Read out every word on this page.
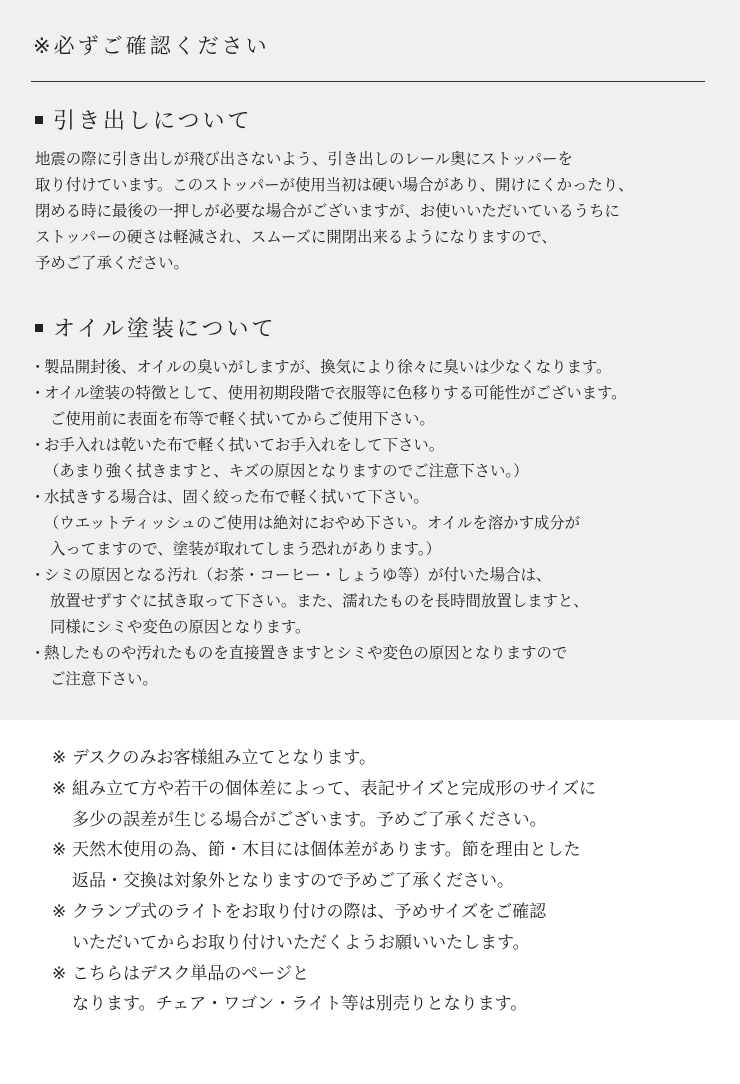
※必ずご確認ください
引き出しについて
地震の際に引き出しが飛び出さないよう、引き出しのレール奥にストッパーを
取り付けています。このストッパーが使用当初は硬い場合があり、開けにくかったり、
閉める時に最後の一押しが必要な場合がございますが、お使いいただいているうちに
ストッパーの硬さは軽減され、スムーズに開閉出来るようになりますので、
予めご了承ください。
オイル塗装について
・
製品開封後、オイルの臭いがしますが、換気により徐々に臭いは少なくなります。
・
オイル塗装の特徴として、使用初期段階で衣服等に色移りする可能性がございます。
ご使用前に表面を布等で軽く拭いてからご使用下さい。
・
お手入れは乾いた布で軽く拭いてお手入れをして下さい。
（あまり強く拭きますと、キズの原因となりますのでご注意下さい。）
・
水拭きする場合は、固く絞った布で軽く拭いて下さい。
（ウエットティッシュのご使用は絶対におやめ下さい。オイルを溶かす成分が
入ってますので、塗装が取れてしまう恐れがあります。）
・
シミの原因となる汚れ（お茶・コーヒー・しょうゆ等）が付いた場合は、
放置せずすぐに拭き取って下さい。また、濡れたものを長時間放置しますと、
同様にシミや変色の原因となります。
・
熱したものや汚れたものを直接置きますとシミや変色の原因となりますので
ご注意下さい。
※ デスクのみお客様組み立てとなります。
※ 組み立て方や若干の個体差によって、表記サイズと完成形のサイズに
多少の誤差が生じる場合がございます。予めご了承ください。
※ 天然木使用の為、節・木目には個体差があります。節を理由とした
返品・交換は対象外となりますので予めご了承ください。
※ クランプ式のライトをお取り付けの際は、予めサイズをご確認
いただいてからお取り付けいただくようお願いいたします。
※ こちらはデスク単品のページと
なります。チェア・ワゴン・ライト等は別売りとなります。
